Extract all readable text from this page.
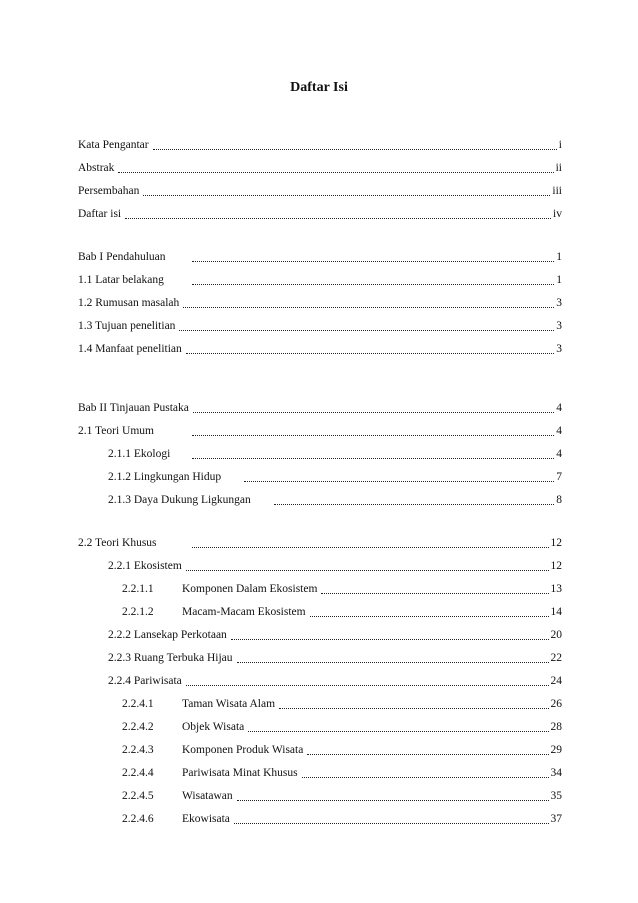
Daftar Isi
Kata Pengantar	i
Abstrak	ii
Persembahan	iii
Daftar isi	iv
Bab I Pendahuluan	1
1.1 Latar belakang	1
1.2 Rumusan masalah	3
1.3 Tujuan penelitian	3
1.4 Manfaat penelitian	3
Bab II Tinjauan Pustaka	4
2.1 Teori Umum	4
2.1.1 Ekologi	4
2.1.2 Lingkungan Hidup	7
2.1.3 Daya Dukung Ligkungan	8
2.2 Teori Khusus	12
2.2.1 Ekosistem	12
2.2.1.1	Komponen Dalam Ekosistem	13
2.2.1.2	Macam-Macam Ekosistem	14
2.2.2 Lansekap Perkotaan	20
2.2.3 Ruang Terbuka Hijau	22
2.2.4 Pariwisata	24
2.2.4.1	Taman Wisata Alam	26
2.2.4.2	Objek Wisata	28
2.2.4.3	Komponen Produk Wisata	29
2.2.4.4	Pariwisata Minat Khusus	34
2.2.4.5	Wisatawan	35
2.2.4.6	Ekowisata	37
